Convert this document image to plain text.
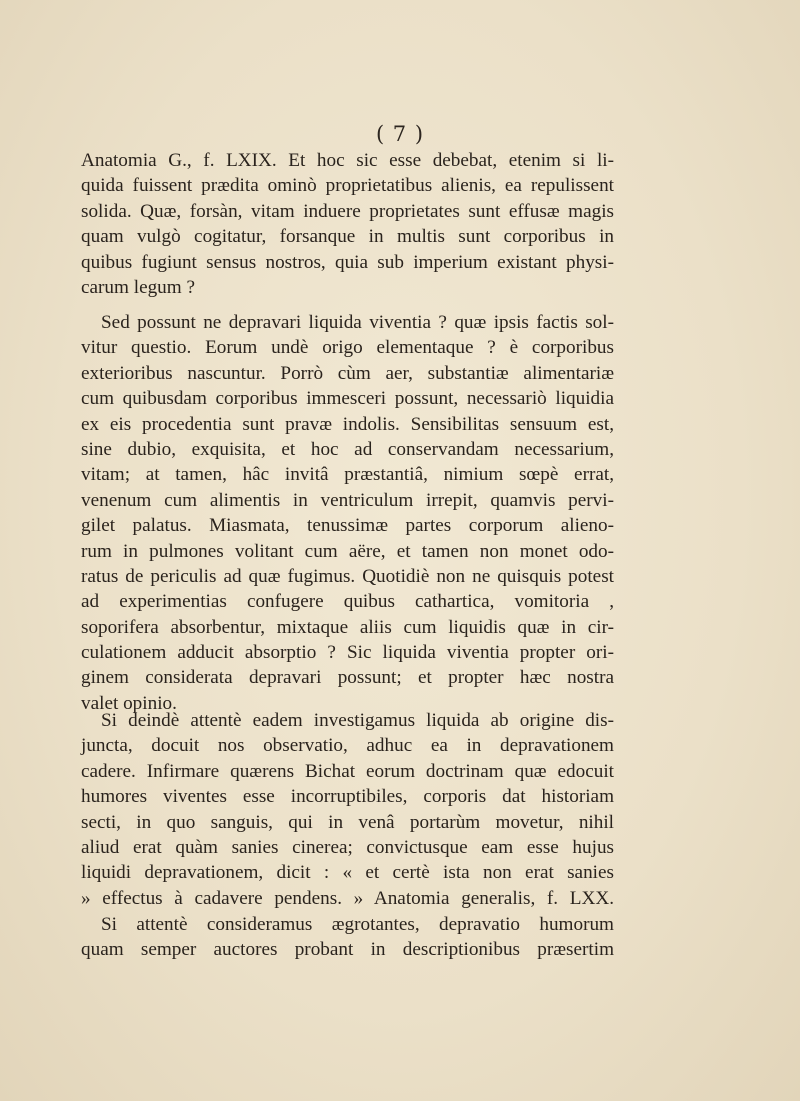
( 7 )
Anatomia G., f. LXIX. Et hoc sic esse debebat, etenim si li-
quida fuissent prædita ominò proprietatibus alienis, ea repulissent
solida. Quæ, forsàn, vitam induere proprietates sunt effusæ magis
quam vulgò cogitatur, forsanque in multis sunt corporibus in
quibus fugiunt sensus nostros, quia sub imperium existant physi-
carum legum ?
Sed possunt ne depravari liquida viventia ? quæ ipsis factis sol-
vitur questio. Eorum undè origo elementaque ? è corporibus
exterioribus nascuntur. Porrò cùm aer, substantiæ alimentariæ
cum quibusdam corporibus immesceri possunt, necessariò liquidia
ex eis procedentia sunt pravæ indolis. Sensibilitas sensuum est,
sine dubio, exquisita, et hoc ad conservandam necessarium,
vitam; at tamen, hâc invitâ præstantiâ, nimium sœpè errat,
venenum cum alimentis in ventriculum irrepit, quamvis pervi-
gilet palatus. Miasmata, tenussimæ partes corporum alieno-
rum in pulmones volitant cum aëre, et tamen non monet odo-
ratus de periculis ad quæ fugimus. Quotidiè non ne quisquis potest
ad experimentias confugere quibus cathartica, vomitoria ,
soporifera absorbentur, mixtaque aliis cum liquidis quæ in cir-
culationem adducit absorptio ? Sic liquida viventia propter ori-
ginem considerata depravari possunt; et propter hæc nostra
valet opinio.
Si deindè attentè eadem investigamus liquida ab origine dis-
juncta, docuit nos observatio, adhuc ea in depravationem
cadere. Infirmare quærens Bichat eorum doctrinam quæ edocuit
humores viventes esse incorruptibiles, corporis dat historiam
secti, in quo sanguis, qui in venâ portarùm movetur, nihil
aliud erat quàm sanies cinerea; convictusque eam esse hujus
liquidi depravationem, dicit : « et certè ista non erat sanies
» effectus à cadavere pendens. » Anatomia generalis, f. LXX.
Si attentè consideramus ægrotantes, depravatio humorum
quam semper auctores probant in descriptionibus præsertim
